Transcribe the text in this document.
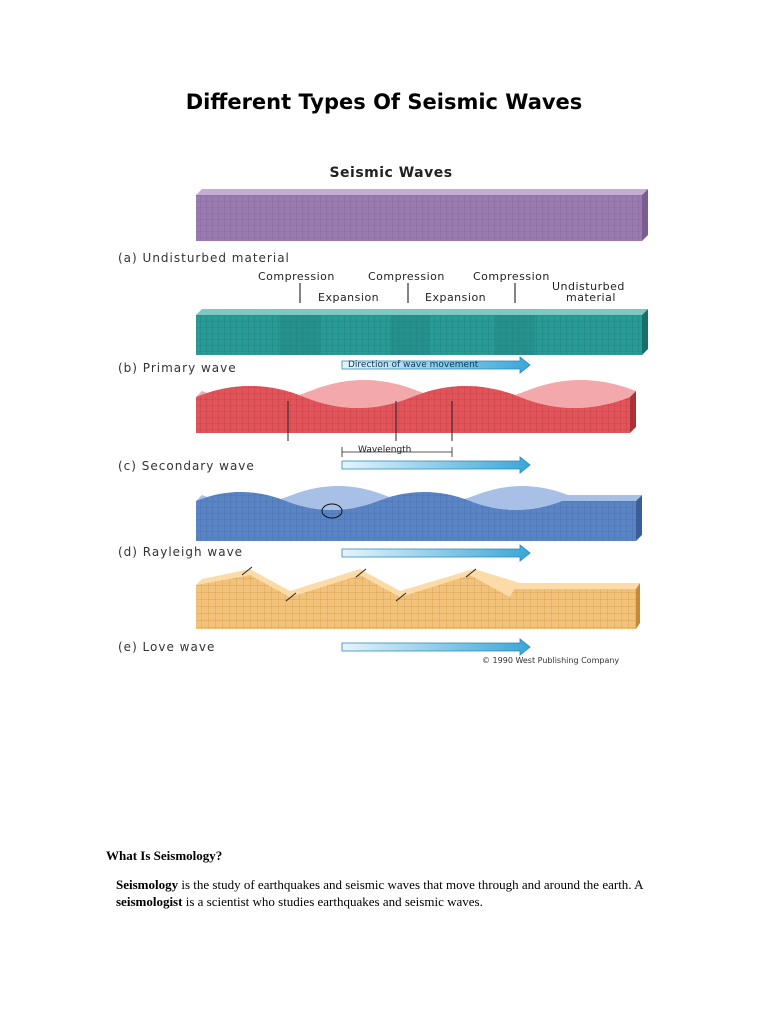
Different Types Of Seismic Waves
Seismic Waves
(a) Undisturbed material
Compression	Compression	Compression
Expansion	Expansion
Undisturbed
material
Direction of wave movement
(b) Primary wave
Wavelength
(c) Secondary wave
(d) Rayleigh wave
(e) Love wave
© 1990 West Publishing Company
What Is Seismology?
Seismology is the study of earthquakes and seismic waves that move through and around the earth. A seismologist is a scientist who studies earthquakes and seismic waves.
